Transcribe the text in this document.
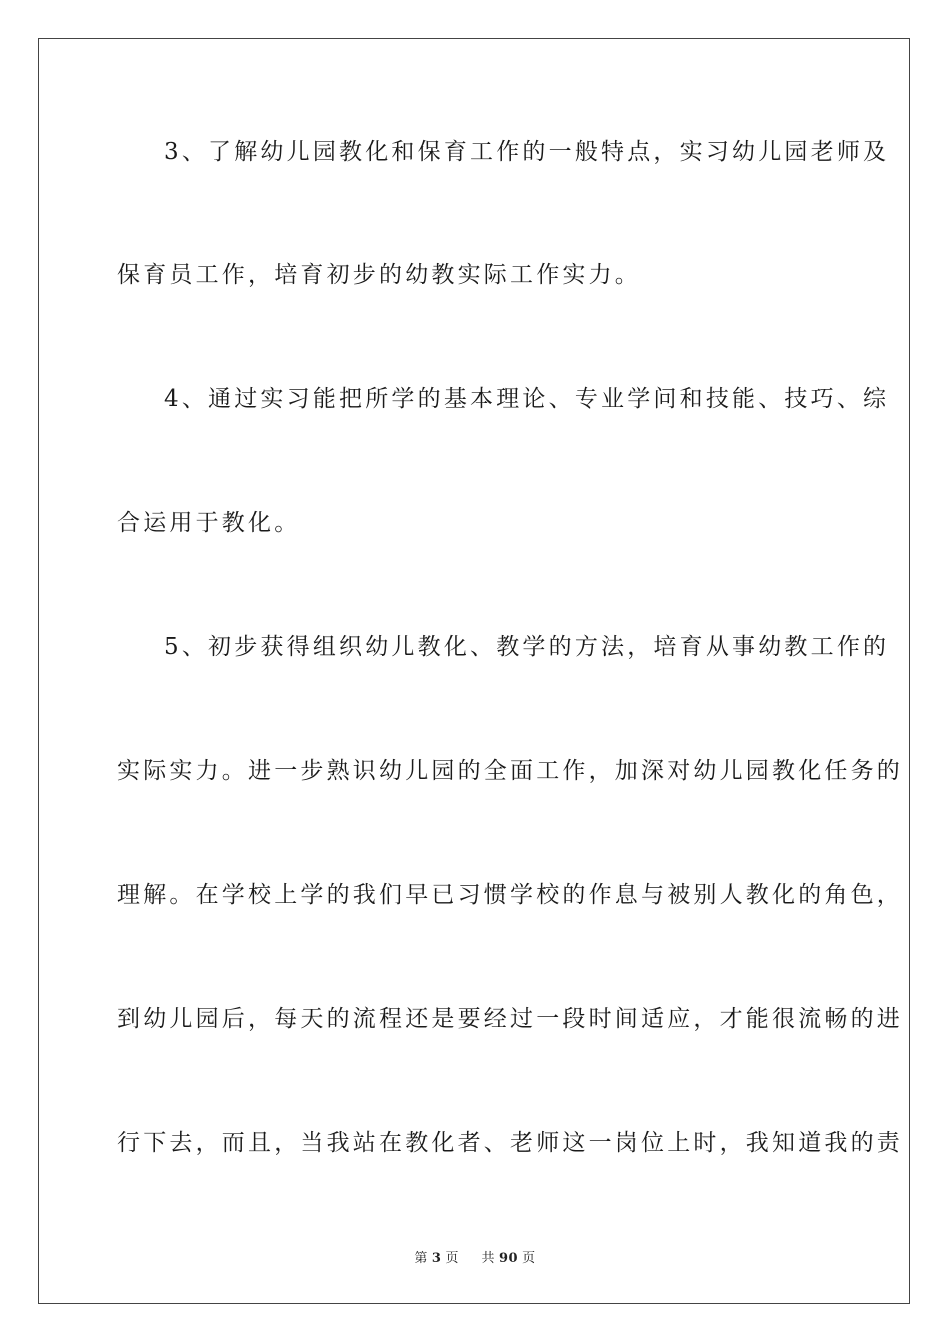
3、了解幼儿园教化和保育工作的一般特点，实习幼儿园老师及
保育员工作，培育初步的幼教实际工作实力。
4、通过实习能把所学的基本理论、专业学问和技能、技巧、综
合运用于教化。
5、初步获得组织幼儿教化、教学的方法，培育从事幼教工作的
实际实力。进一步熟识幼儿园的全面工作，加深对幼儿园教化任务的
理解。在学校上学的我们早已习惯学校的作息与被别人教化的角色，
到幼儿园后，每天的流程还是要经过一段时间适应，才能很流畅的进
行下去，而且，当我站在教化者、老师这一岗位上时，我知道我的责
第 3 页 共 90 页
